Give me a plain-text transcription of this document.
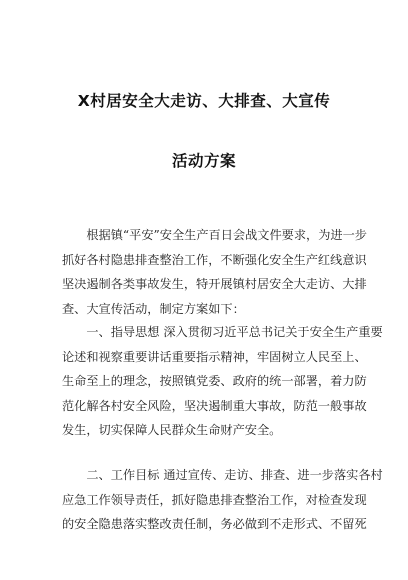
X村居安全大走访、大排查、大宣传
活动方案
　　根据镇“平安”安全生产百日会战文件要求，为进一步
抓好各村隐患排查整治工作，不断强化安全生产红线意识
坚决遏制各类事故发生，特开展镇村居安全大走访、大排
查、大宣传活动，制定方案如下：
　　一、指导思想 深入贯彻习近平总书记关于安全生产重要
论述和视察重要讲话重要指示精神，牢固树立人民至上、
生命至上的理念，按照镇党委、政府的统一部署，着力防
范化解各村安全风险，坚决遏制重大事故，防范一般事故
发生，切实保障人民群众生命财产安全。
　　二、工作目标 通过宣传、走访、排查、进一步落实各村
应急工作领导责任，抓好隐患排查整治工作，对检查发现
的安全隐患落实整改责任制，务必做到不走形式、不留死
